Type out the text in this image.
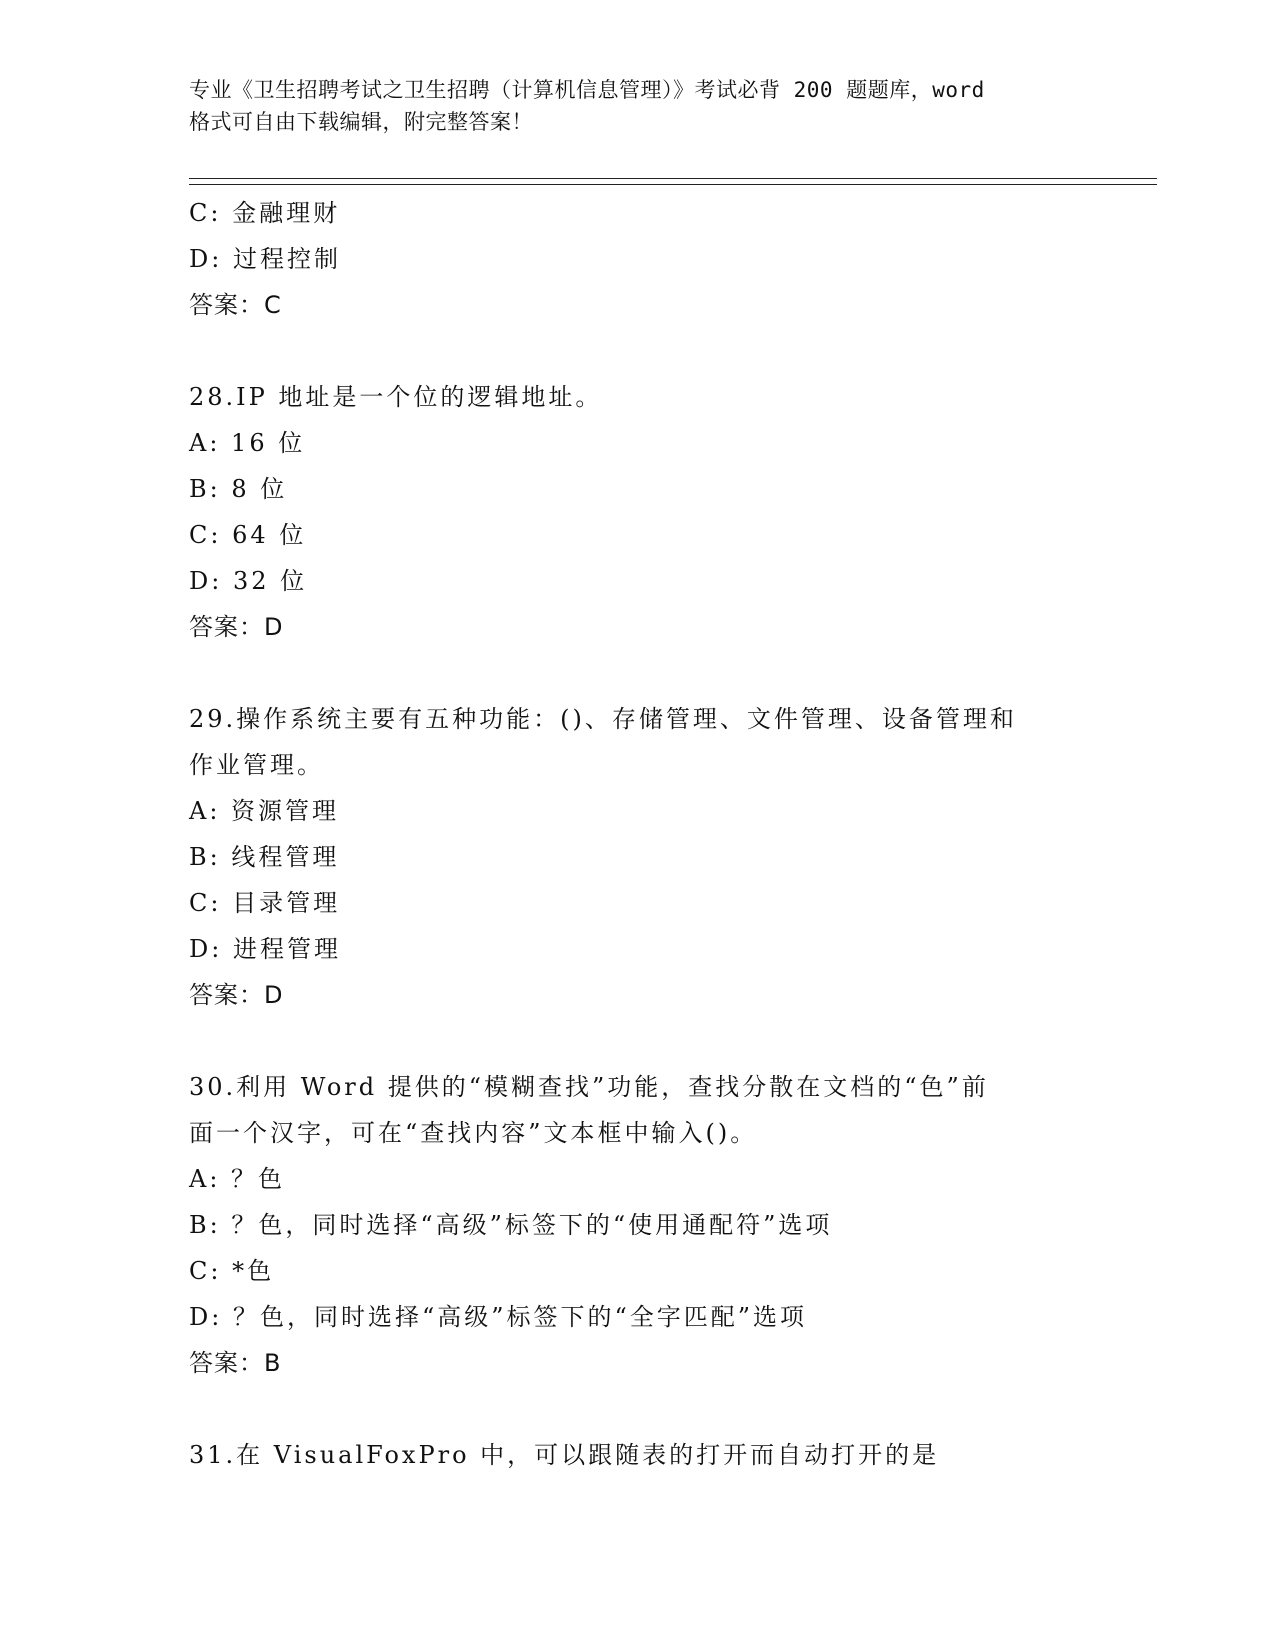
专业《卫生招聘考试之卫生招聘（计算机信息管理）》考试必背 200 题题库，word
格式可自由下载编辑，附完整答案！
C: 金融理财
D: 过程控制
答案：C
28.IP 地址是一个位的逻辑地址。
A: 16 位
B: 8 位
C: 64 位
D: 32 位
答案：D
29.操作系统主要有五种功能：()、存储管理、文件管理、设备管理和
作业管理。
A: 资源管理
B: 线程管理
C: 目录管理
D: 进程管理
答案：D
30.利用 Word 提供的“模糊查找”功能，查找分散在文档的“色”前
面一个汉字，可在“查找内容”文本框中输入()。
A: ？色
B: ？色，同时选择“高级”标签下的“使用通配符”选项
C: *色
D: ？色，同时选择“高级”标签下的“全字匹配”选项
答案：B
31.在 VisualFoxPro 中，可以跟随表的打开而自动打开的是
